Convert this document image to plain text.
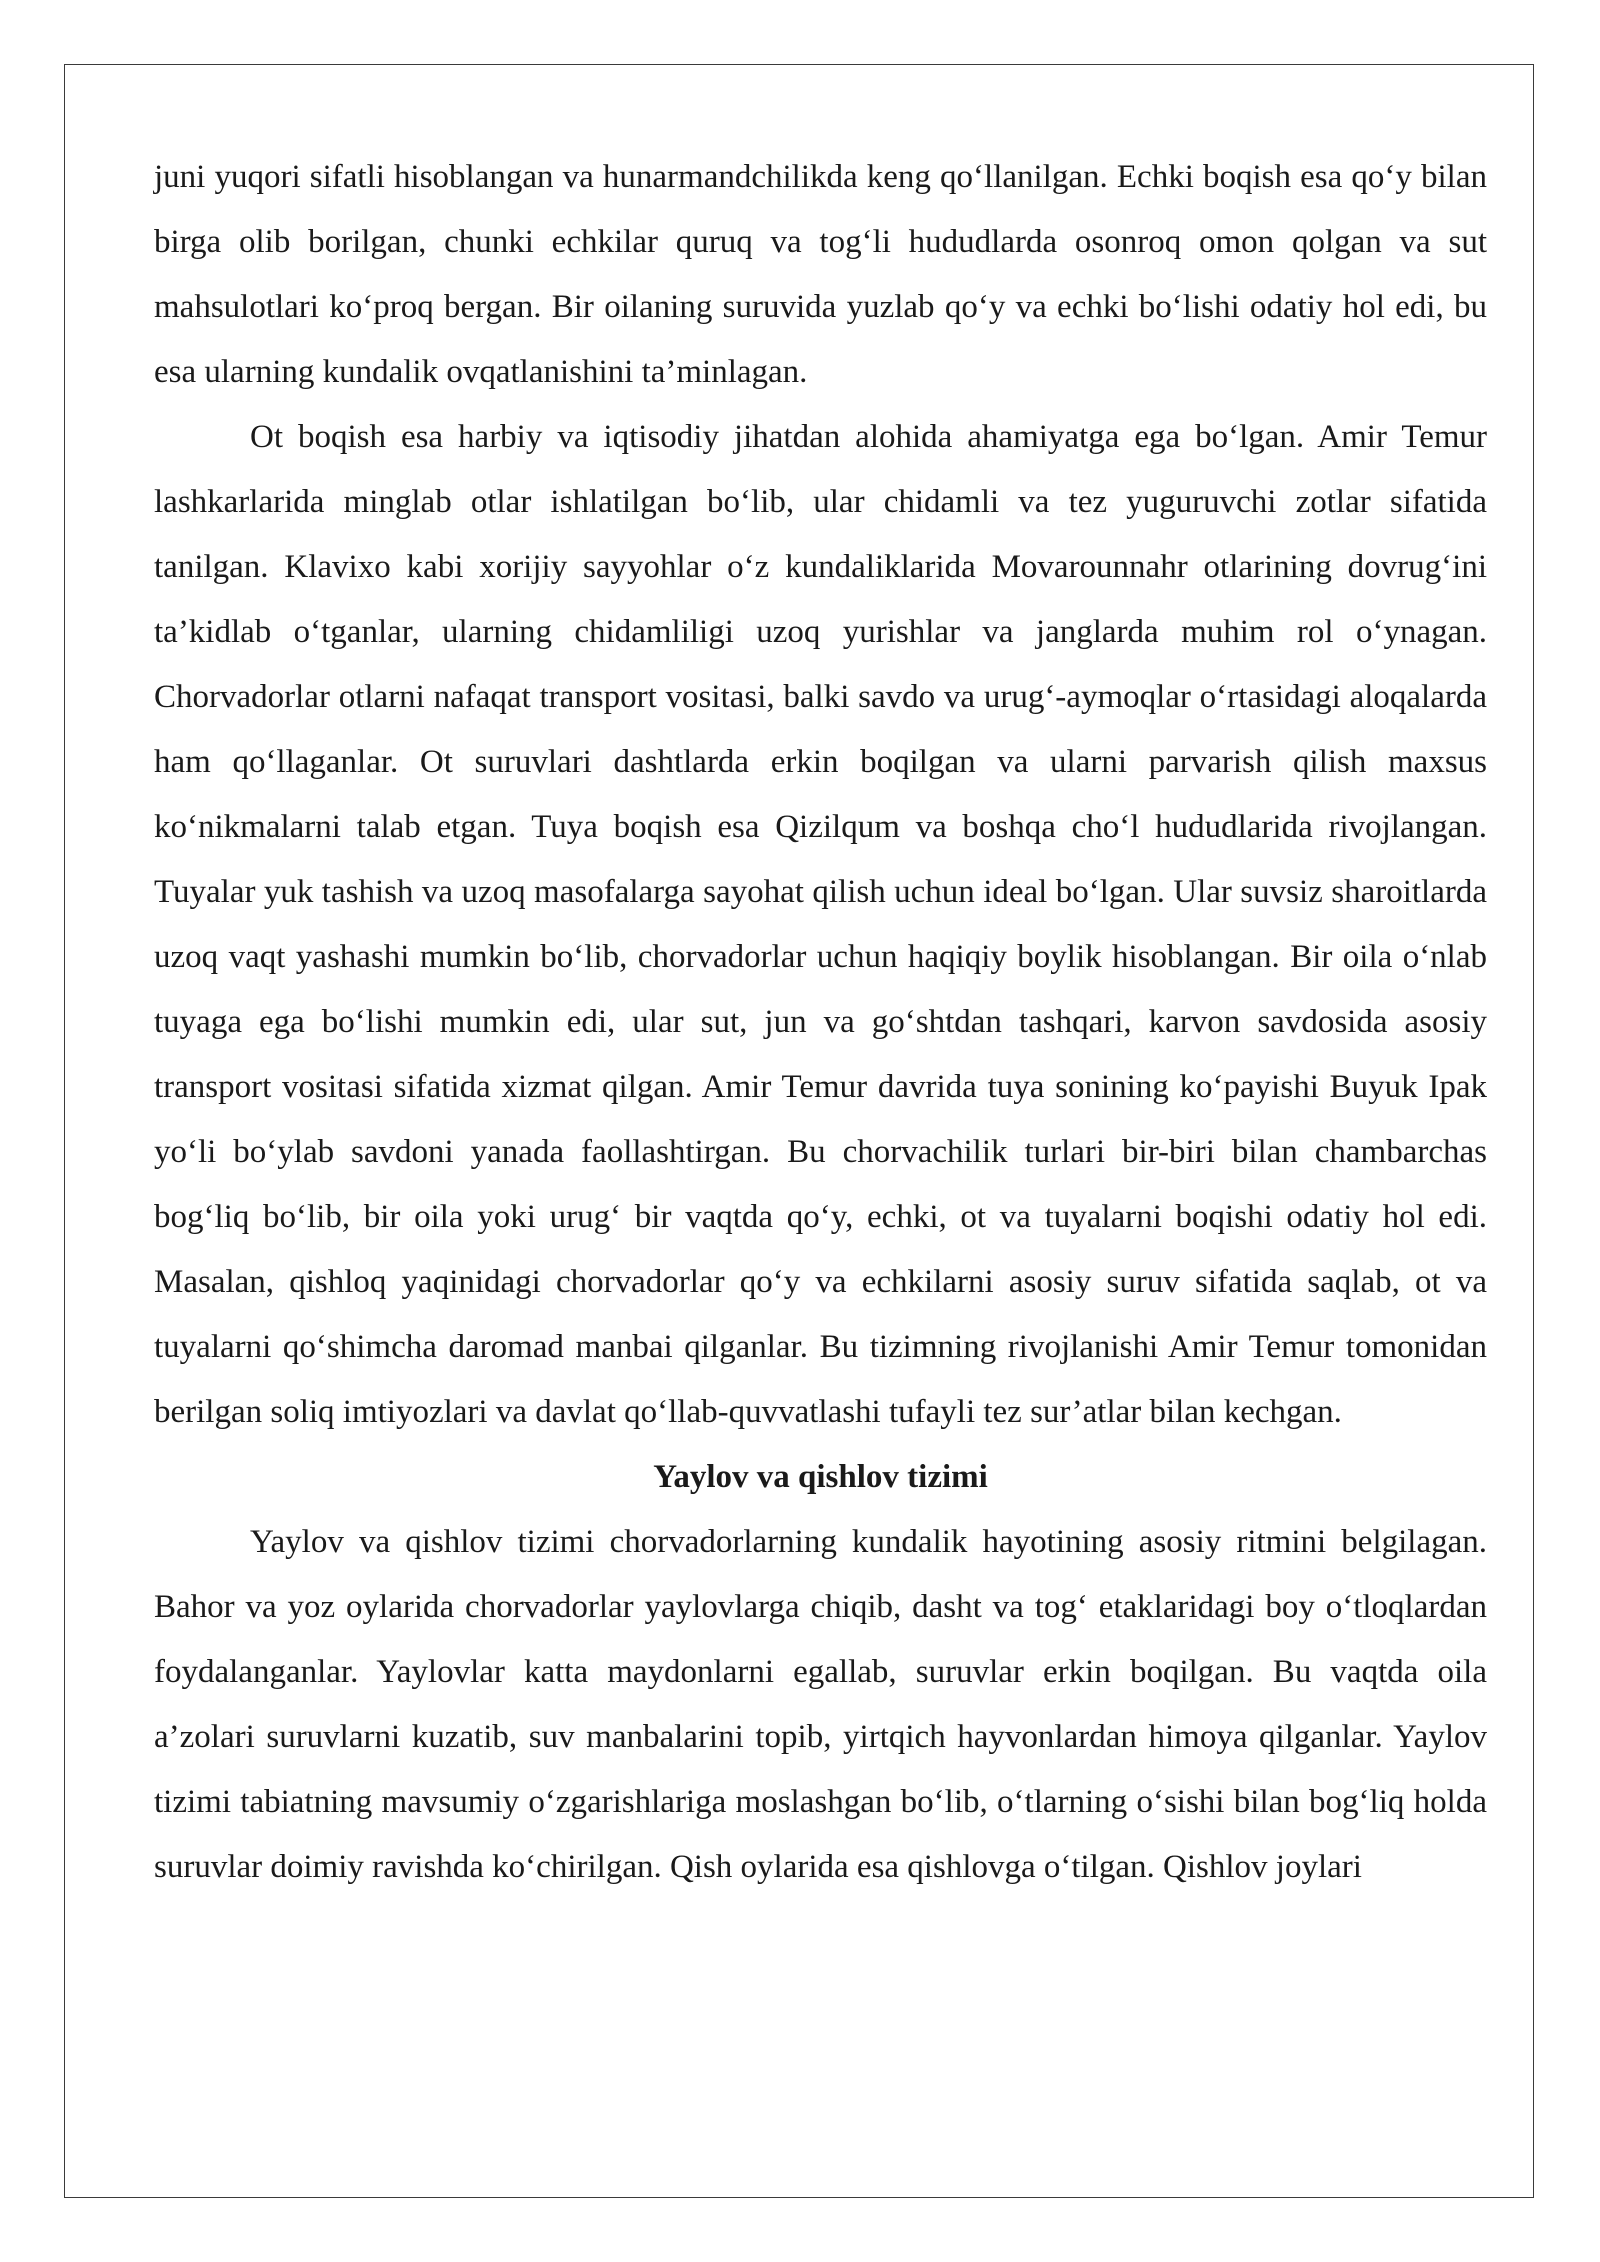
juni yuqori sifatli hisoblangan va hunarmandchilikda keng qo‘llanilgan. Echki boqish esa qo‘y bilan birga olib borilgan, chunki echkilar quruq va tog‘li hududlarda osonroq omon qolgan va sut mahsulotlari ko‘proq bergan. Bir oilaning suruvida yuzlab qo‘y va echki bo‘lishi odatiy hol edi, bu esa ularning kundalik ovqatlanishini ta’minlagan.

Ot boqish esa harbiy va iqtisodiy jihatdan alohida ahamiyatga ega bo‘lgan. Amir Temur lashkarlarida minglab otlar ishlatilgan bo‘lib, ular chidamli va tez yuguruvchi zotlar sifatida tanilgan. Klavixo kabi xorijiy sayyohlar o‘z kundaliklarida Movarounnahr otlarining dovrug‘ini ta’kidlab o‘tganlar, ularning chidamliligi uzoq yurishlar va janglarda muhim rol o‘ynagan. Chorvadorlar otlarni nafaqat transport vositasi, balki savdo va urug‘-aymoqlar o‘rtasidagi aloqalarda ham qo‘llaganlar. Ot suruvlari dashtlarda erkin boqilgan va ularni parvarish qilish maxsus ko‘nikmalarni talab etgan. Tuya boqish esa Qizilqum va boshqa cho‘l hududlarida rivojlangan. Tuyalar yuk tashish va uzoq masofalarga sayohat qilish uchun ideal bo‘lgan. Ular suvsiz sharoitlarda uzoq vaqt yashashi mumkin bo‘lib, chorvadorlar uchun haqiqiy boylik hisoblangan. Bir oila o‘nlab tuyaga ega bo‘lishi mumkin edi, ular sut, jun va go‘shtdan tashqari, karvon savdosida asosiy transport vositasi sifatida xizmat qilgan. Amir Temur davrida tuya sonining ko‘payishi Buyuk Ipak yo‘li bo‘ylab savdoni yanada faollashtirgan. Bu chorvachilik turlari bir-biri bilan chambarchas bog‘liq bo‘lib, bir oila yoki urug‘ bir vaqtda qo‘y, echki, ot va tuyalarni boqishi odatiy hol edi. Masalan, qishloq yaqinidagi chorvadorlar qo‘y va echkilarni asosiy suruv sifatida saqlab, ot va tuyalarni qo‘shimcha daromad manbai qilganlar. Bu tizimning rivojlanishi Amir Temur tomonidan berilgan soliq imtiyozlari va davlat qo‘llab-quvvatlashi tufayli tez sur’atlar bilan kechgan.

Yaylov va qishlov tizimi

Yaylov va qishlov tizimi chorvadorlarning kundalik hayotining asosiy ritmini belgilagan. Bahor va yoz oylarida chorvadorlar yaylovlarga chiqib, dasht va tog‘ etaklaridagi boy o‘tloqlardan foydalanganlar. Yaylovlar katta maydonlarni egallab, suruvlar erkin boqilgan. Bu vaqtda oila a’zolari suruvlarni kuzatib, suv manbalarini topib, yirtqich hayvonlardan himoya qilganlar. Yaylov tizimi tabiatning mavsumiy o‘zgarishlariga moslashgan bo‘lib, o‘tlarning o‘sishi bilan bog‘liq holda suruvlar doimiy ravishda ko‘chirilgan. Qish oylarida esa qishlovga o‘tilgan. Qishlov joylari
